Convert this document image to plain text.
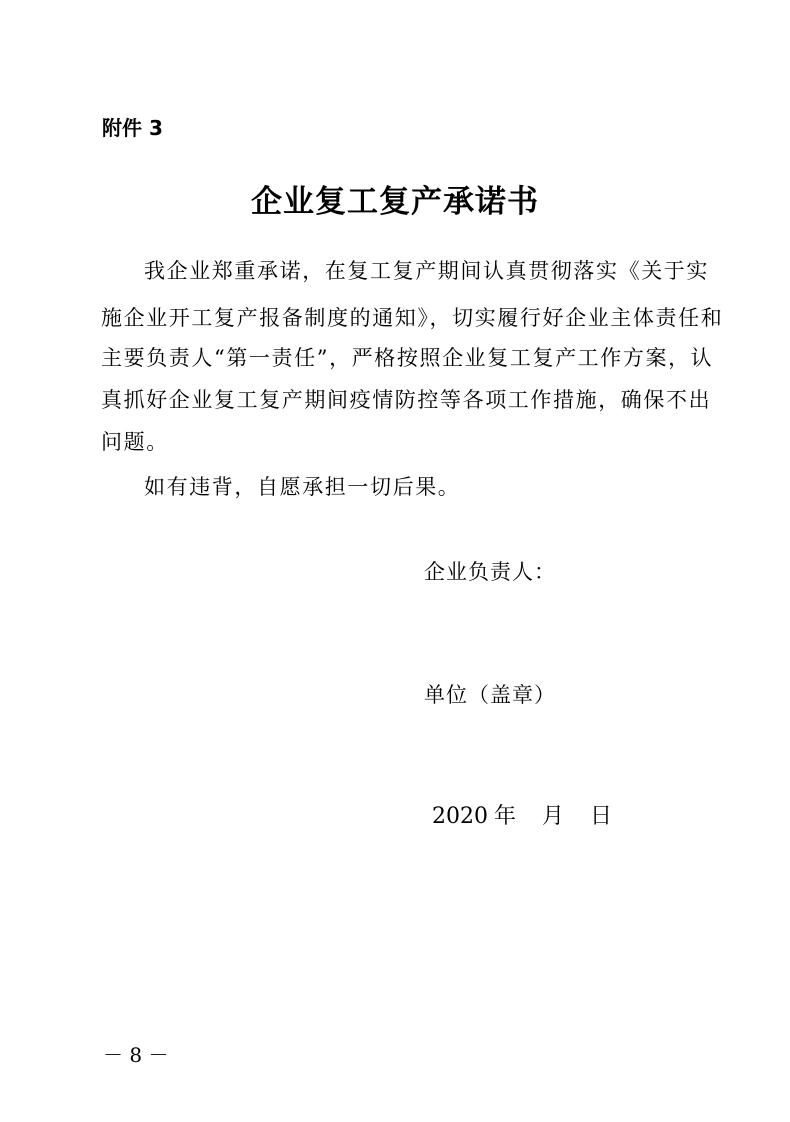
附件 3
企业复工复产承诺书
我企业郑重承诺，在复工复产期间认真贯彻落实《关于实
施企业开工复产报备制度的通知》，切实履行好企业主体责任和
主要负责人“第一责任”，严格按照企业复工复产工作方案，认
真抓好企业复工复产期间疫情防控等各项工作措施，确保不出
问题。
如有违背，自愿承担一切后果。
企业负责人：
单位（盖章）
2020 年 月 日
－ 8 －
